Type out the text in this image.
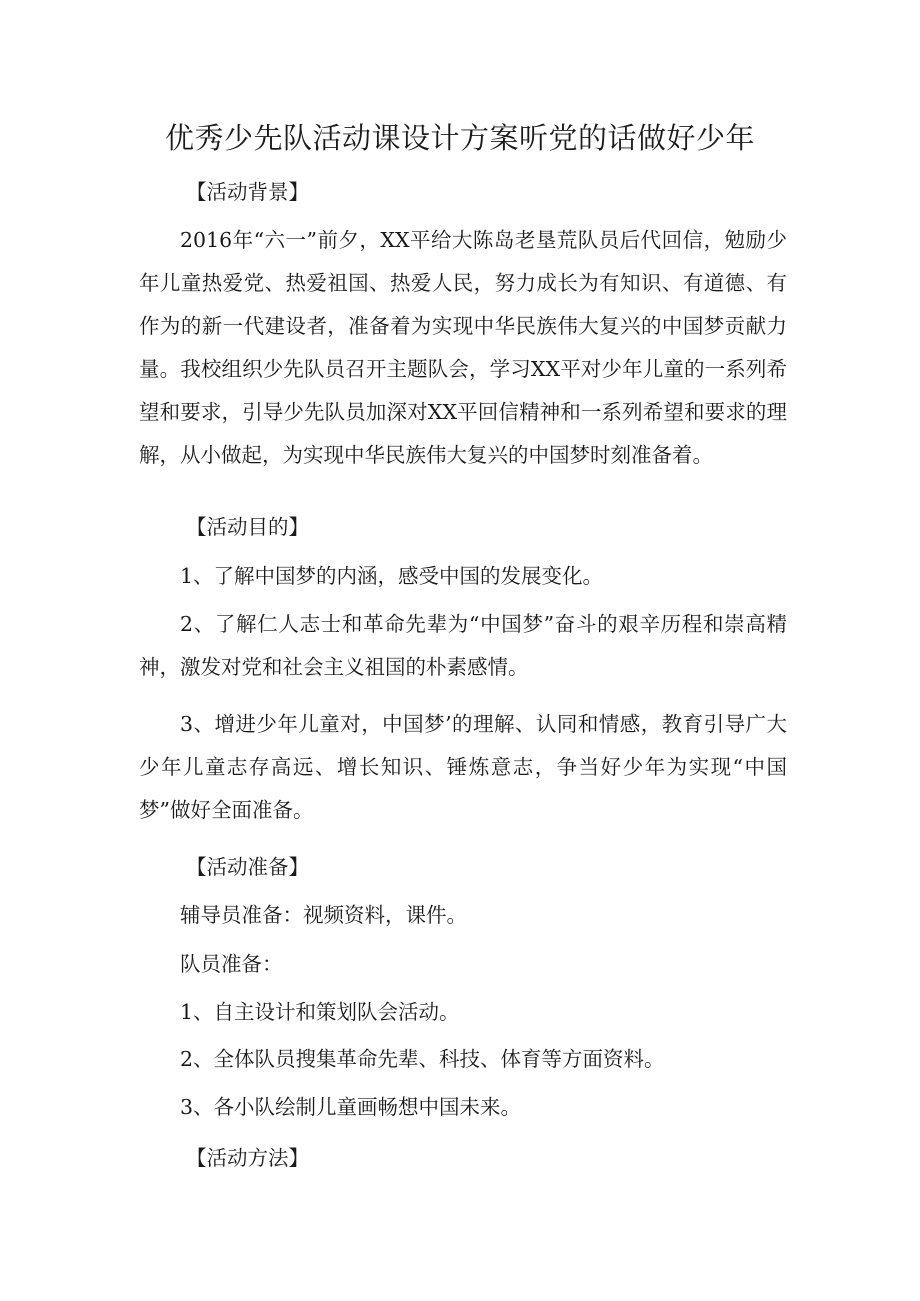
优秀少先队活动课设计方案听党的话做好少年
【活动背景】
2016年“六一”前夕，XX平给大陈岛老垦荒队员后代回信，勉励少年儿童热爱党、热爱祖国、热爱人民，努力成长为有知识、有道德、有作为的新一代建设者，准备着为实现中华民族伟大复兴的中国梦贡献力量。我校组织少先队员召开主题队会，学习XX平对少年儿童的一系列希望和要求，引导少先队员加深对XX平回信精神和一系列希望和要求的理解，从小做起，为实现中华民族伟大复兴的中国梦时刻准备着。
【活动目的】
1、了解中国梦的内涵，感受中国的发展变化。
2、了解仁人志士和革命先辈为“中国梦”奋斗的艰辛历程和崇高精神，激发对党和社会主义祖国的朴素感情。
3、增进少年儿童对，中国梦’的理解、认同和情感，教育引导广大少年儿童志存高远、增长知识、锤炼意志，争当好少年为实现“中国梦”做好全面准备。
【活动准备】
辅导员准备：视频资料，课件。
队员准备：
1、自主设计和策划队会活动。
2、全体队员搜集革命先辈、科技、体育等方面资料。
3、各小队绘制儿童画畅想中国未来。
【活动方法】
